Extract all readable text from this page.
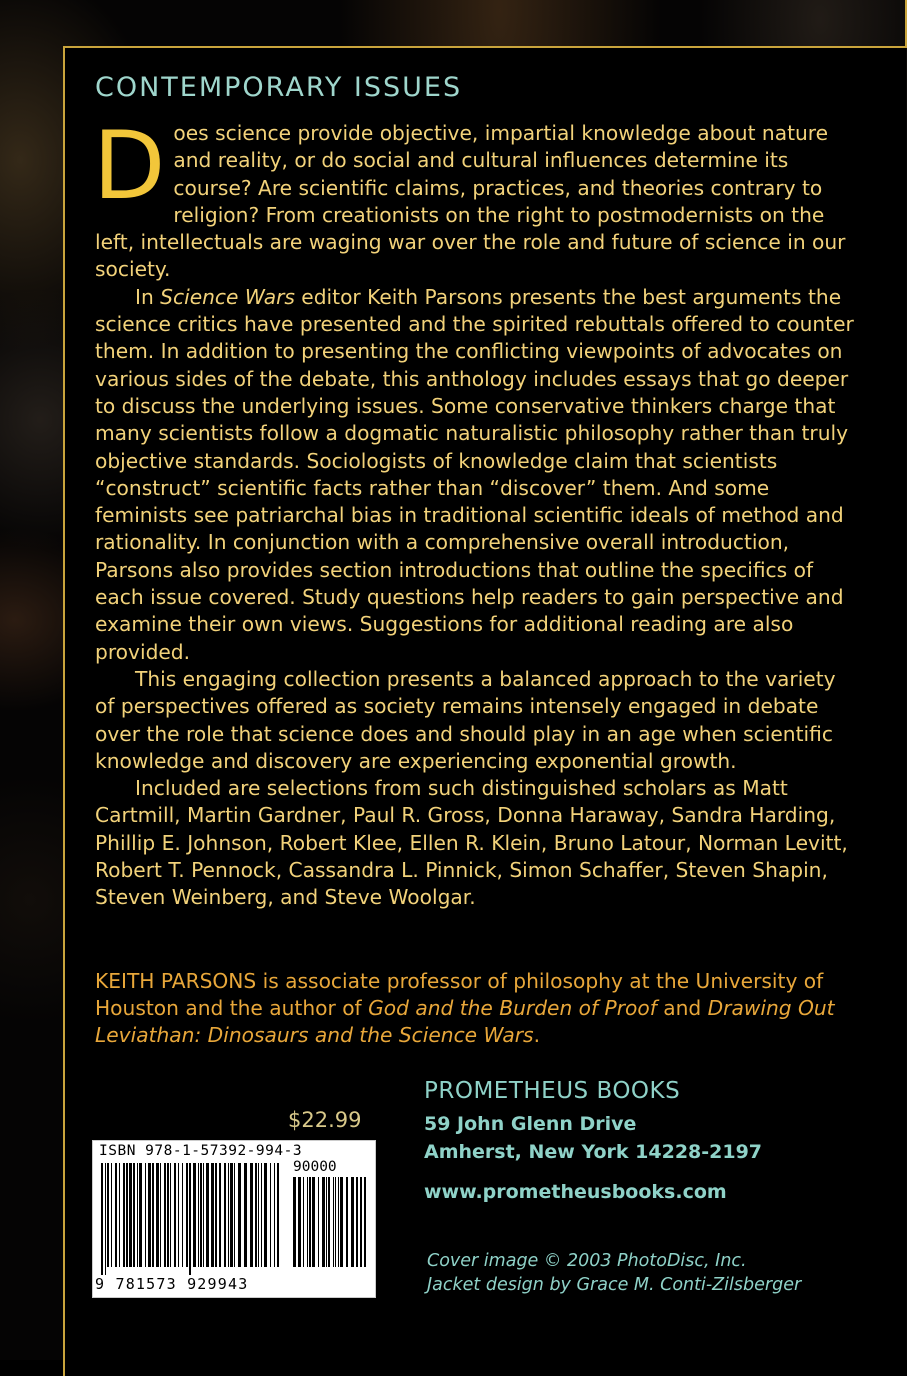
CONTEMPORARY ISSUES

Does science provide objective, impartial knowledge about nature and reality, or do social and cultural influences determine its course? Are scientific claims, practices, and theories contrary to religion? From creationists on the right to postmodernists on the left, intellectuals are waging war over the role and future of science in our society.

In Science Wars editor Keith Parsons presents the best arguments the science critics have presented and the spirited rebuttals offered to counter them. In addition to presenting the conflicting viewpoints of advocates on various sides of the debate, this anthology includes essays that go deeper to discuss the underlying issues. Some conservative thinkers charge that many scientists follow a dogmatic naturalistic philosophy rather than truly objective standards. Sociologists of knowledge claim that scientists “construct” scientific facts rather than “discover” them. And some feminists see patriarchal bias in traditional scientific ideals of method and rationality. In conjunction with a comprehensive overall introduction, Parsons also provides section introductions that outline the specifics of each issue covered. Study questions help readers to gain perspective and examine their own views. Suggestions for additional reading are also provided.

This engaging collection presents a balanced approach to the variety of perspectives offered as society remains intensely engaged in debate over the role that science does and should play in an age when scientific knowledge and discovery are experiencing exponential growth.

Included are selections from such distinguished scholars as Matt Cartmill, Martin Gardner, Paul R. Gross, Donna Haraway, Sandra Harding, Phillip E. Johnson, Robert Klee, Ellen R. Klein, Bruno Latour, Norman Levitt, Robert T. Pennock, Cassandra L. Pinnick, Simon Schaffer, Steven Shapin, Steven Weinberg, and Steve Woolgar.

KEITH PARSONS is associate professor of philosophy at the University of Houston and the author of God and the Burden of Proof and Drawing Out Leviathan: Dinosaurs and the Science Wars.

PROMETHEUS BOOKS
59 John Glenn Drive
Amherst, New York 14228-2197
www.prometheusbooks.com
$22.99
ISBN 978-1-57392-994-3
90000
9 781573 929943
Cover image © 2003 PhotoDisc, Inc.
Jacket design by Grace M. Conti-Zilsberger
